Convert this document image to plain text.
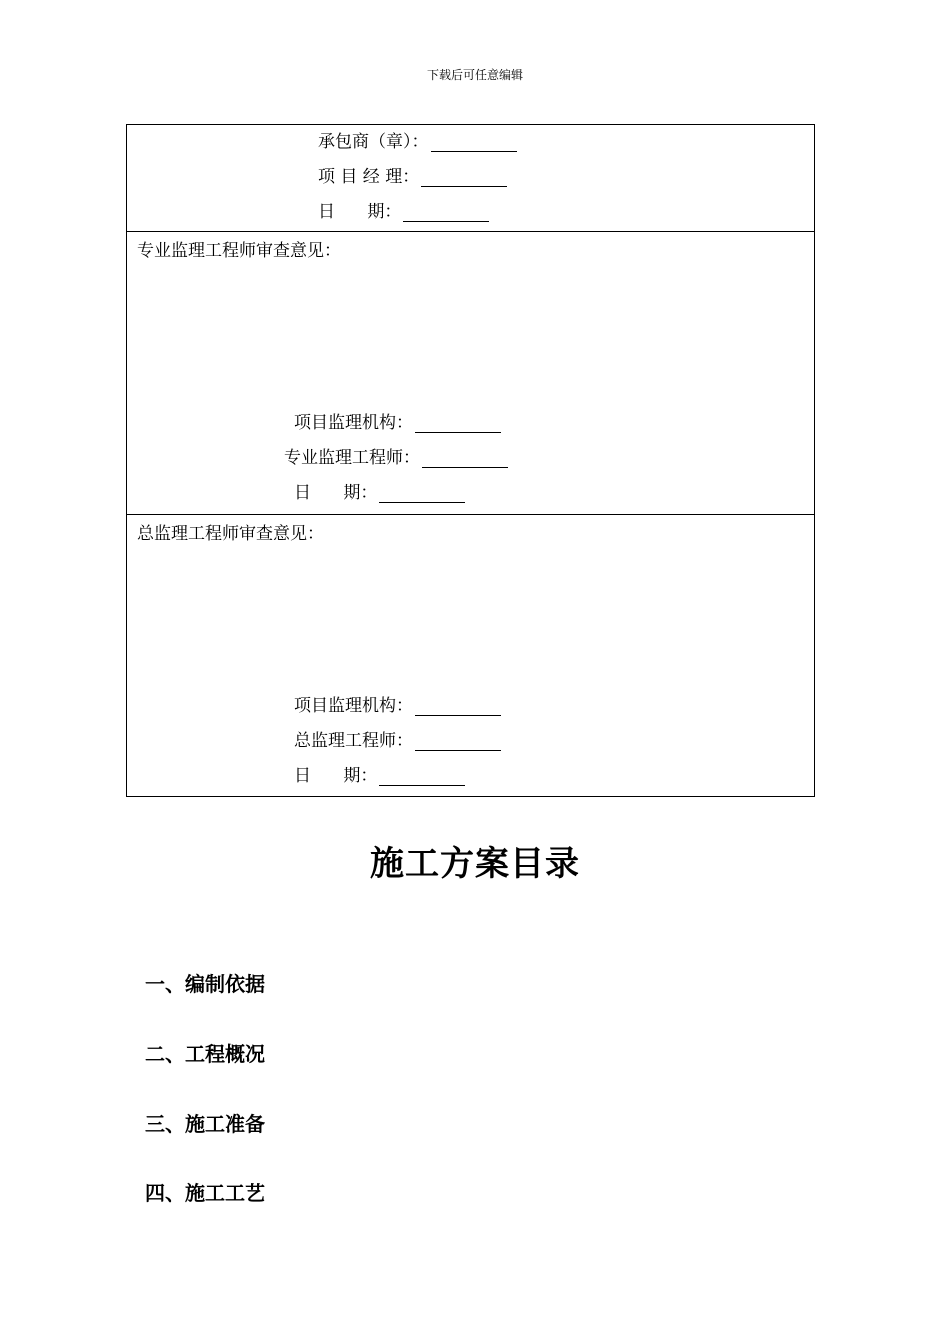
下载后可任意编辑
承包商（章）：
项 目 经 理：
日      期：
专业监理工程师审查意见：
项目监理机构：
专业监理工程师：
日      期：
总监理工程师审查意见：
项目监理机构：
总监理工程师：
日      期：
施工方案目录
一、编制依据
二、工程概况
三、施工准备
四、施工工艺
